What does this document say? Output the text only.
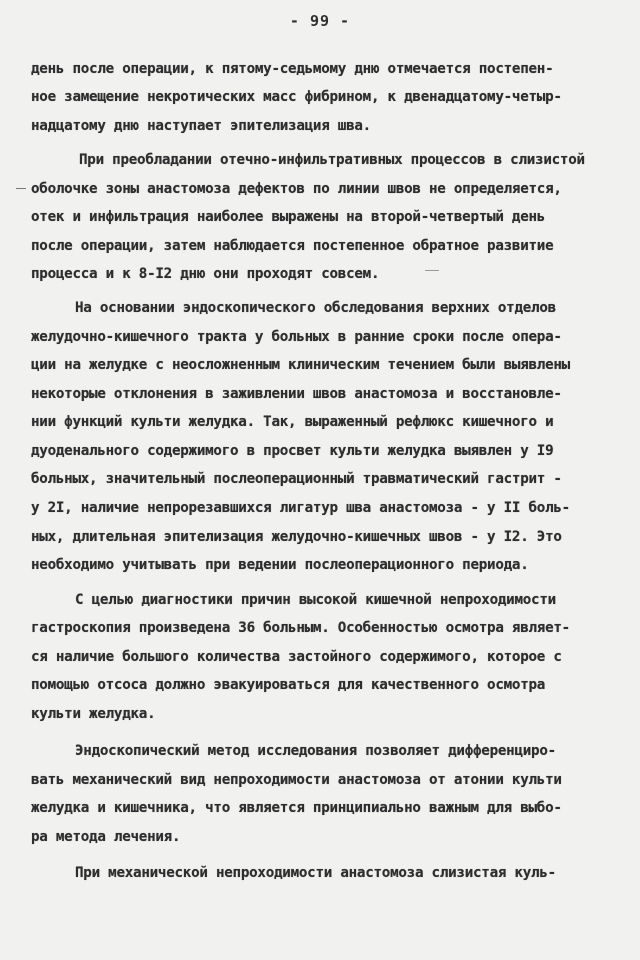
- 99 -
день после операции, к пятому-седьмому дню отмечается постепен-
ное замещение некротических масс фибрином, к двенадцатому-четыр-
надцатому дню наступает эпителизация шва.
При преобладании отечно-инфильтративных процессов в слизистой
оболочке зоны анастомоза дефектов по линии швов не определяется,
отек и инфильтрация наиболее выражены на второй-четвертый день
после операции, затем наблюдается постепенное обратное развитие
процесса и к 8-I2 дню они проходят совсем.
На основании эндоскопического обследования верхних отделов
желудочно-кишечного тракта у больных в ранние сроки после опера-
ции на желудке с неосложненным клиническим течением были выявлены
некоторые отклонения в заживлении швов анастомоза и восстановле-
нии функций культи желудка. Так, выраженный рефлюкс кишечного и
дуоденального содержимого в просвет культи желудка выявлен у I9
больных, значительный послеоперационный травматический гастрит -
у 2I, наличие непрорезавшихся лигатур шва анастомоза - у II боль-
ных, длительная эпителизация желудочно-кишечных швов - у I2. Это
необходимо учитывать при ведении послеоперационного периода.
С целью диагностики причин высокой кишечной непроходимости
гастроскопия произведена 36 больным. Особенностью осмотра являет-
ся наличие большого количества застойного содержимого, которое с
помощью отсоса должно эвакуироваться для качественного осмотра
культи желудка.
Эндоскопический метод исследования позволяет дифференциро-
вать механический вид непроходимости анастомоза от атонии культи
желудка и кишечника, что является принципиально важным для выбо-
ра метода лечения.
При механической непроходимости анастомоза слизистая куль-
